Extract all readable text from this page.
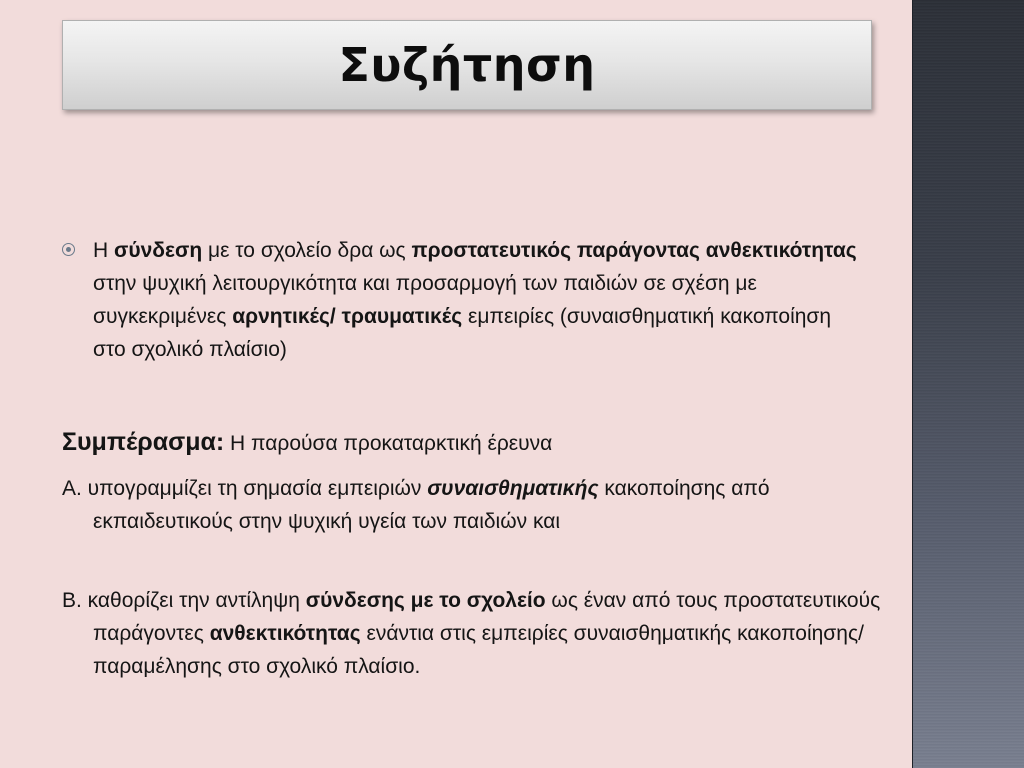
Συζήτηση
Η σύνδεση με το σχολείο δρα ως προστατευτικός παράγοντας ανθεκτικότητας στην ψυχική λειτουργικότητα και προσαρμογή των παιδιών σε σχέση με συγκεκριμένες αρνητικές/ τραυματικές εμπειρίες (συναισθηματική κακοποίηση στο σχολικό πλαίσιο)
Συμπέρασμα: Η παρούσα προκαταρκτική έρευνα
Α. υπογραμμίζει τη σημασία εμπειριών συναισθηματικής κακοποίησης από εκπαιδευτικούς στην ψυχική υγεία των παιδιών και
Β. καθορίζει την αντίληψη σύνδεσης με το σχολείο ως έναν από τους προστατευτικούς παράγοντες ανθεκτικότητας ενάντια στις εμπειρίες συναισθηματικής κακοποίησης/παραμέλησης στο σχολικό πλαίσιο.
